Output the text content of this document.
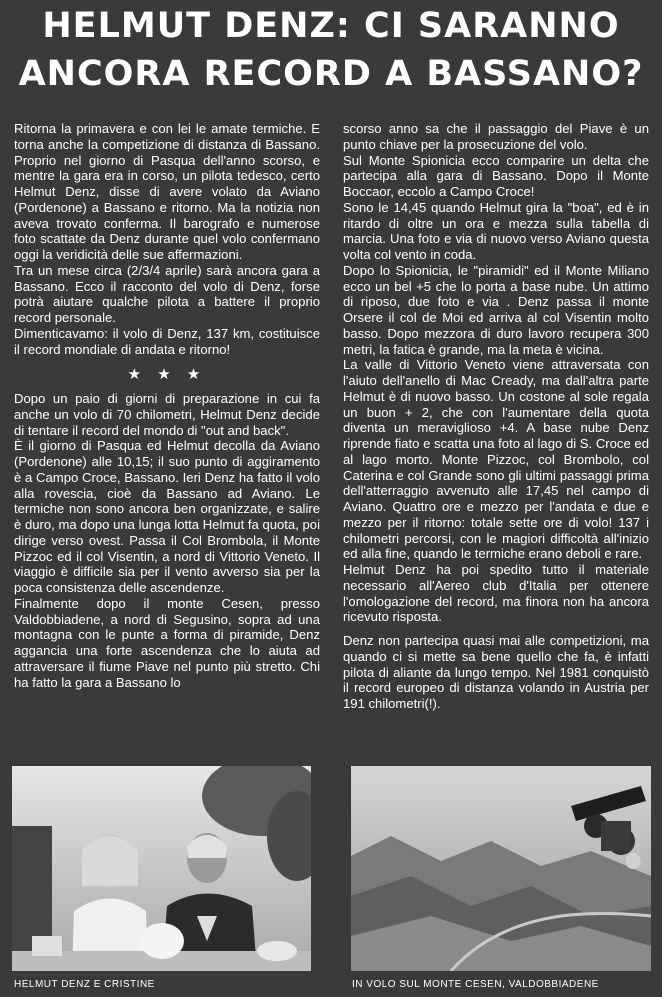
HELMUT DENZ: CI SARANNO
ANCORA RECORD A BASSANO?

Ritorna la primavera e con lei le amate termiche. E torna anche la competizione di distanza di Bassano. Proprio nel giorno di Pasqua dell'anno scorso, e mentre la gara era in corso, un pilota tedesco, certo Helmut Denz, disse di avere volato da Aviano (Pordenone) a Bassano e ritorno. Ma la notizia non aveva trovato conferma. Il barografo e numerose foto scattate da Denz durante quel volo confermano oggi la veridicità delle sue affermazioni.

Tra un mese circa (2/3/4 aprile) sarà ancora gara a Bassano. Ecco il racconto del volo di Denz, forse potrà aiutare qualche pilota a battere il proprio record personale.

Dimenticavamo: il volo di Denz, 137 km, costituisce il record mondiale di andata e ritorno!

★ ★ ★

Dopo un paio di giorni di preparazione in cui fa anche un volo di 70 chilometri, Helmut Denz decide di tentare il record del mondo di "out and back".

È il giorno di Pasqua ed Helmut decolla da Aviano (Pordenone) alle 10,15; il suo punto di aggiramento è a Campo Croce, Bassano. Ieri Denz ha fatto il volo alla rovescia, cioè da Bassano ad Aviano. Le termiche non sono ancora ben organizzate, e salire è duro, ma dopo una lunga lotta Helmut fa quota, poi dirige verso ovest. Passa il Col Brombola, il Monte Pizzoc ed il col Visentin, a nord di Vittorio Veneto. Il viaggio è difficile sia per il vento avverso sia per la poca consistenza delle ascendenze.

Finalmente dopo il monte Cesen, presso Valdobbiadene, a nord di Segusino, sopra ad una montagna con le punte a forma di piramide, Denz aggancia una forte ascendenza che lo aiuta ad attraversare il fiume Piave nel punto più stretto. Chi ha fatto la gara a Bassano lo

scorso anno sa che il passaggio del Piave è un punto chiave per la prosecuzione del volo.

Sul Monte Spionicia ecco comparire un delta che partecipa alla gara di Bassano. Dopo il Monte Boccaor, eccolo a Campo Croce!

Sono le 14,45 quando Helmut gira la "boa", ed è in ritardo di oltre un ora e mezza sulla tabella di marcia. Una foto e via di nuovo verso Aviano questa volta col vento in coda.

Dopo lo Spionicia, le "piramidi" ed il Monte Miliano ecco un bel +5 che lo porta a base nube. Un attimo di riposo, due foto e via . Denz passa il monte Orsere il col de Moi ed arriva al col Visentin molto basso. Dopo mezzora di duro lavoro recupera 300 metri, la fatica è grande, ma la meta è vicina.

La valle di Vittorio Veneto viene attraversata con l'aiuto dell'anello di Mac Cready, ma dall'altra parte Helmut è di nuovo basso. Un costone al sole regala un buon + 2, che con l'aumentare della quota diventa un meraviglioso +4. A base nube Denz riprende fiato e scatta una foto al lago di S. Croce ed al lago morto. Monte Pizzoc, col Brombolo, col Caterina e col Grande sono gli ultimi passaggi prima dell'atterraggio avvenuto alle 17,45 nel campo di Aviano. Quattro ore e mezzo per l'andata e due e mezzo per il ritorno: totale sette ore di volo! 137 i chilometri percorsi, con le magiori difficoltà all'inizio ed alla fine, quando le termiche erano deboli e rare.

Helmut Denz ha poi spedito tutto il materiale necessario all'Aereo club d'Italia per ottenere l'omologazione del record, ma finora non ha ancora ricevuto risposta.

Denz non partecipa quasi mai alle competizioni, ma quando ci si mette sa bene quello che fa, è infatti pilota di aliante da lungo tempo. Nel 1981 conquistò il record europeo di distanza volando in Austria per 191 chilometri(!).

HELMUT DENZ E CRISTINE	IN VOLO SUL MONTE CESEN, VALDOBBIADENE
